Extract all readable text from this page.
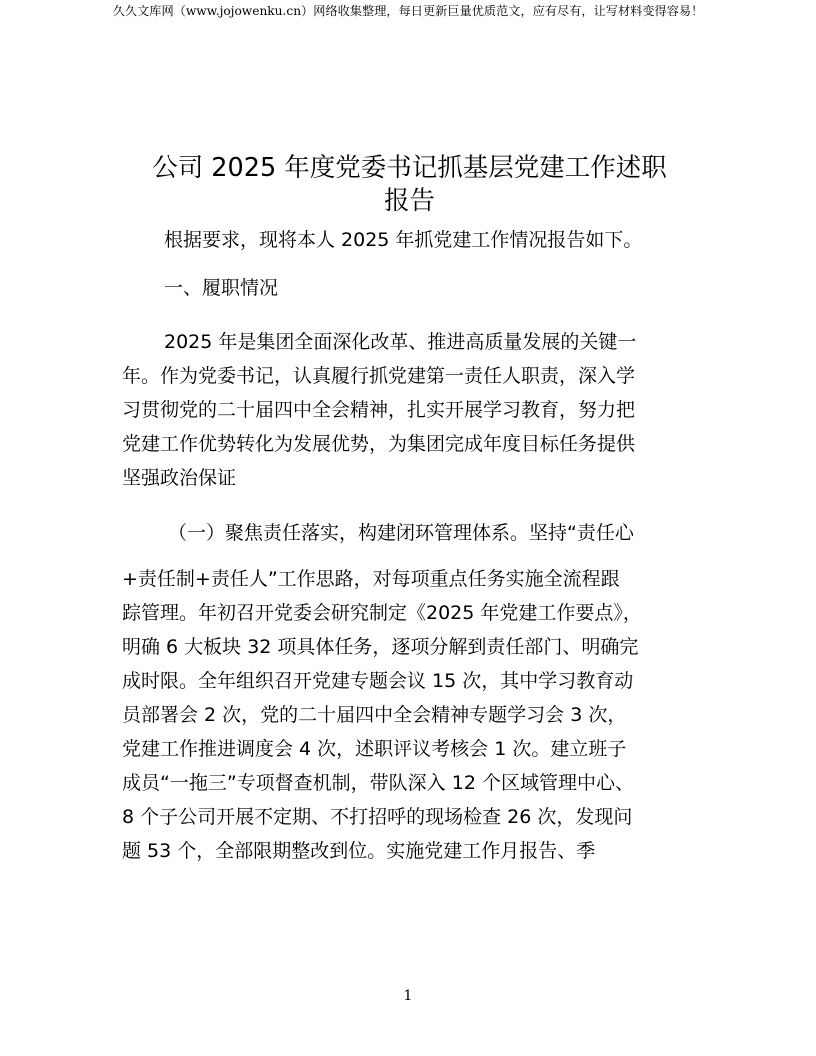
久久文库网（www.jojowenku.cn）网络收集整理，每日更新巨量优质范文，应有尽有，让写材料变得容易！
公司 2025 年度党委书记抓基层党建工作述职
报告

根据要求，现将本人 2025 年抓党建工作情况报告如下。

一、履职情况

2025 年是集团全面深化改革、推进高质量发展的关键一

年。作为党委书记，认真履行抓党建第一责任人职责，深入学

习贯彻党的二十届四中全会精神，扎实开展学习教育，努力把

党建工作优势转化为发展优势，为集团完成年度目标任务提供

坚强政治保证

（一）聚焦责任落实，构建闭环管理体系。坚持“责任心

+责任制+责任人”工作思路，对每项重点任务实施全流程跟

踪管理。年初召开党委会研究制定《2025 年党建工作要点》，

明确 6 大板块 32 项具体任务，逐项分解到责任部门、明确完

成时限。全年组织召开党建专题会议 15 次，其中学习教育动

员部署会 2 次，党的二十届四中全会精神专题学习会 3 次，

党建工作推进调度会 4 次，述职评议考核会 1 次。建立班子

成员“一拖三”专项督查机制，带队深入 12 个区域管理中心、

8 个子公司开展不定期、不打招呼的现场检查 26 次，发现问

题 53 个，全部限期整改到位。实施党建工作月报告、季

1
